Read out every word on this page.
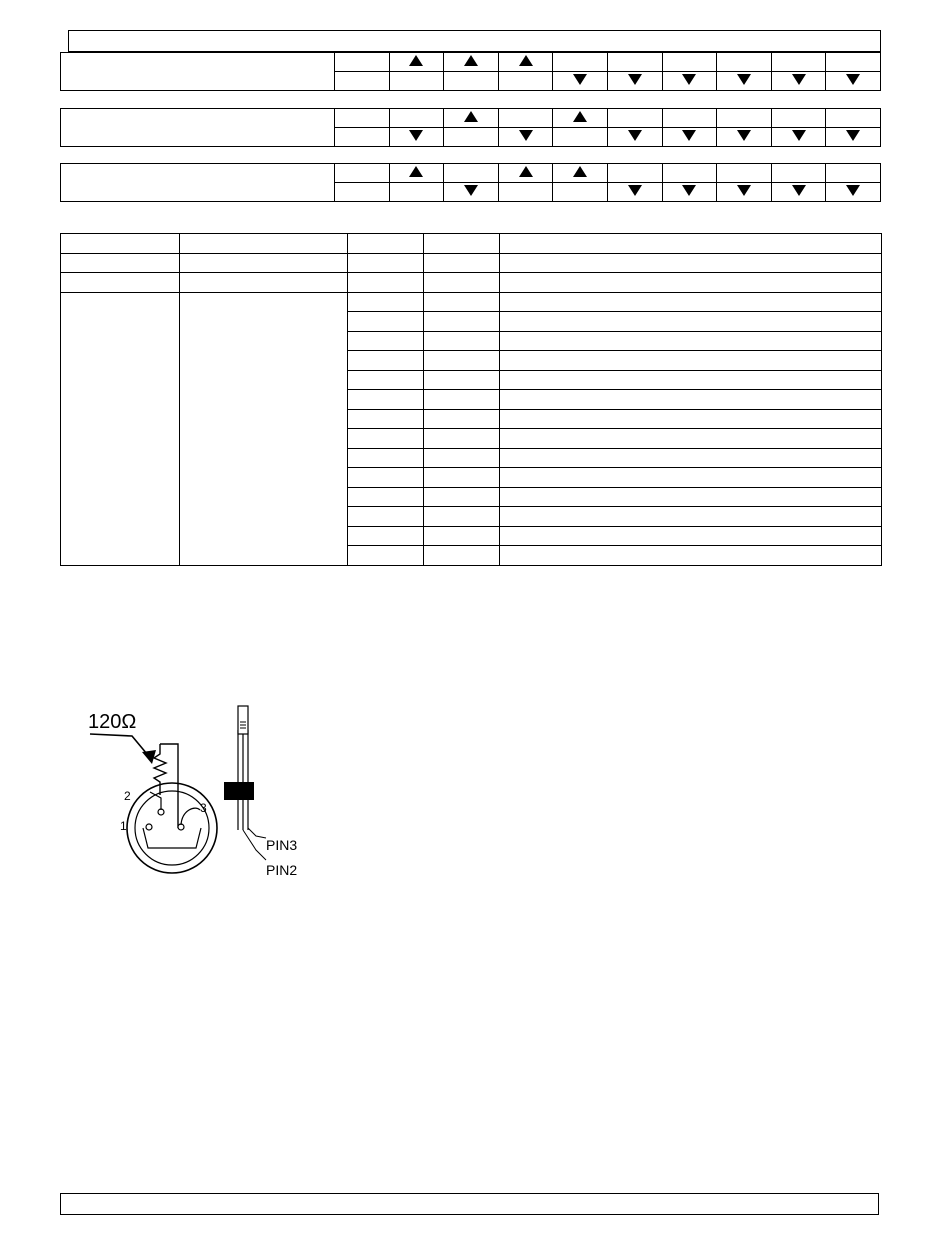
120Ω
1
2
3
PIN3
PIN2
